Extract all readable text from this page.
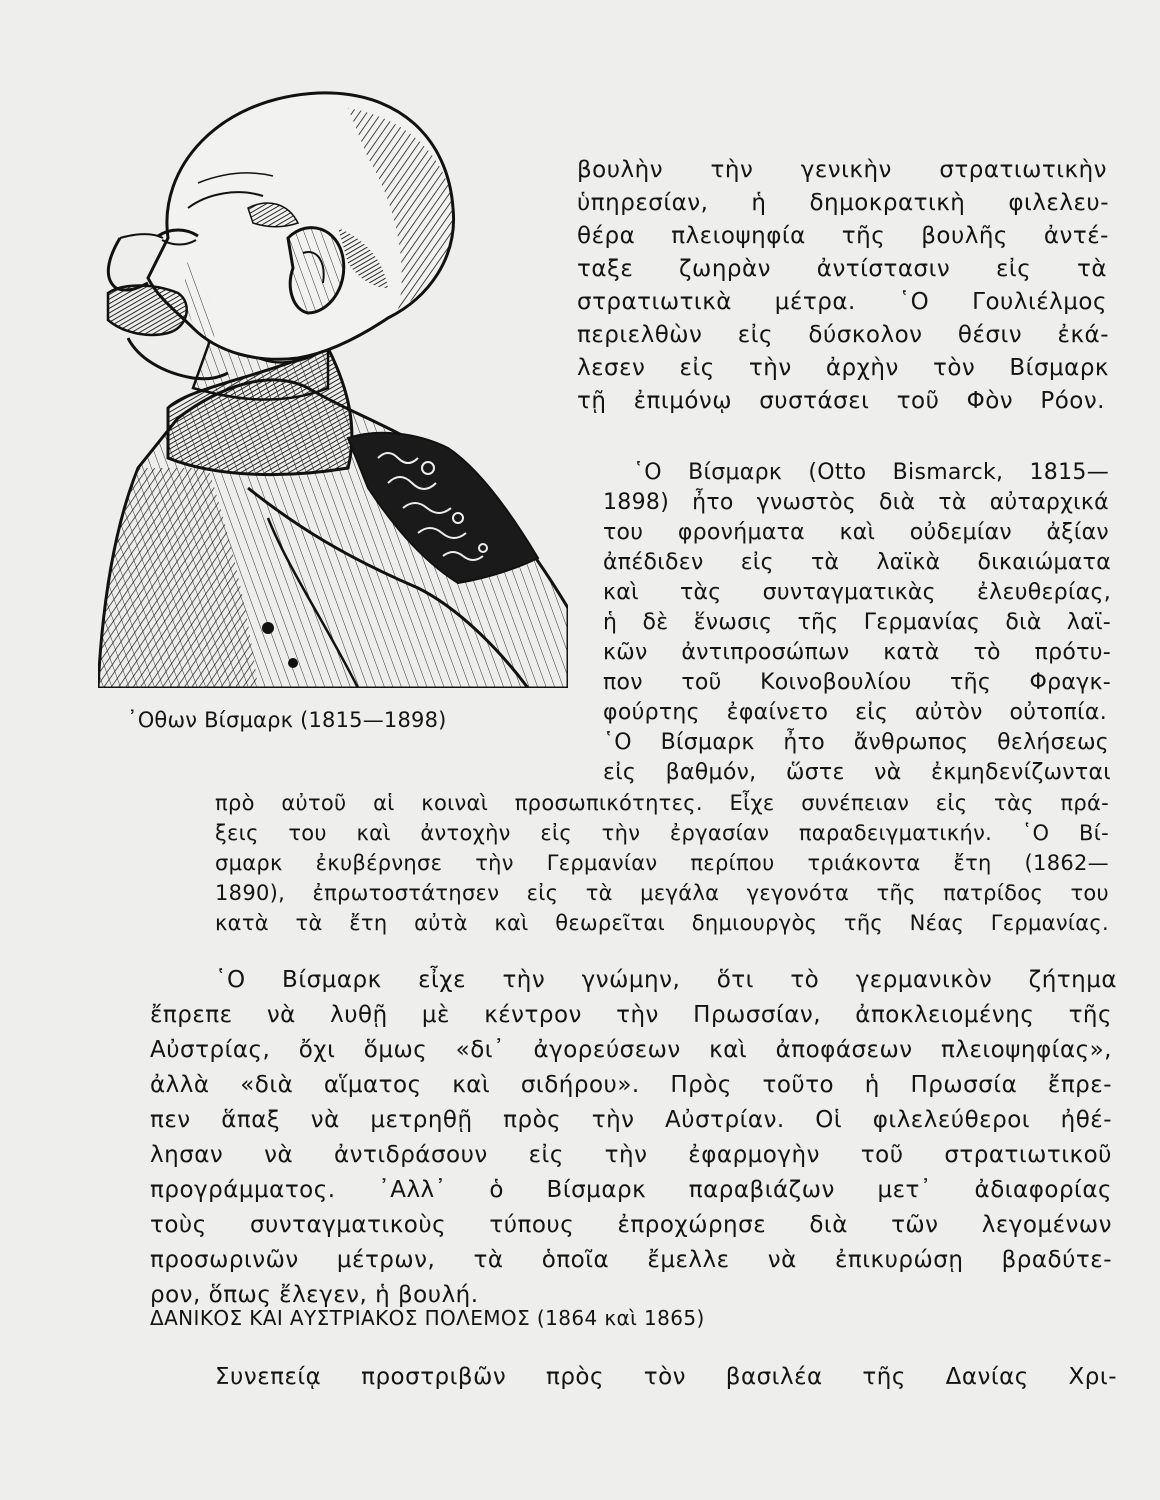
᾿Οθων Βίσμαρκ (1815—1898)
βουλὴν τὴν γενικὴν στρατιωτικὴν
ὑπηρεσίαν, ἡ δημοκρατικὴ φιλελευ-
θέρα πλειοψηφία τῆς βουλῆς ἀντέ-
ταξε ζωηρὰν ἀντίστασιν εἰς τὰ
στρατιωτικὰ μέτρα. ῾Ο Γουλιέλμος
περιελθὼν εἰς δύσκολον θέσιν ἐκά-
λεσεν εἰς τὴν ἀρχὴν τὸν Βίσμαρκ
τῇ ἐπιμόνῳ συστάσει τοῦ Φὸν Ρόον.
῾Ο Βίσμαρκ (Otto Bismarck, 1815—
1898) ἦτο γνωστὸς διὰ τὰ αὐταρχικά
του φρονήματα καὶ οὐδεμίαν ἀξίαν
ἀπέδιδεν εἰς τὰ λαϊκὰ δικαιώματα
καὶ τὰς συνταγματικὰς ἐλευθερίας,
ἡ δὲ ἕνωσις τῆς Γερμανίας διὰ λαϊ-
κῶν ἀντιπροσώπων κατὰ τὸ πρότυ-
πον τοῦ Κοινοβουλίου τῆς Φραγκ-
φούρτης ἐφαίνετο εἰς αὐτὸν οὐτοπία.
῾Ο Βίσμαρκ ἦτο ἄνθρωπος θελήσεως
εἰς βαθμόν, ὥστε νὰ ἐκμηδενίζωνται
πρὸ αὐτοῦ αἱ κοιναὶ προσωπικότητες. Εἶχε συνέπειαν εἰς τὰς πρά-
ξεις του καὶ ἀντοχὴν εἰς τὴν ἐργασίαν παραδειγματικήν. ῾Ο Βί-
σμαρκ ἐκυβέρνησε τὴν Γερμανίαν περίπου τριάκοντα ἔτη (1862—
1890), ἐπρωτοστάτησεν εἰς τὰ μεγάλα γεγονότα τῆς πατρίδος του
κατὰ τὰ ἔτη αὐτὰ καὶ θεωρεῖται δημιουργὸς τῆς Νέας Γερμανίας.
῾Ο Βίσμαρκ εἶχε τὴν γνώμην, ὅτι τὸ γερμανικὸν ζήτημα
ἔπρεπε νὰ λυθῇ μὲ κέντρον τὴν Πρωσσίαν, ἀποκλειομένης τῆς
Αὐστρίας, ὄχι ὅμως «δι᾿ ἀγορεύσεων καὶ ἀποφάσεων πλειοψηφίας»,
ἀλλὰ «διὰ αἵματος καὶ σιδήρου». Πρὸς τοῦτο ἡ Πρωσσία ἔπρε-
πεν ἅπαξ νὰ μετρηθῇ πρὸς τὴν Αὐστρίαν. Οἱ φιλελεύθεροι ἠθέ-
λησαν νὰ ἀντιδράσουν εἰς τὴν ἐφαρμογὴν τοῦ στρατιωτικοῦ
προγράμματος. ᾿Αλλ᾿ ὁ Βίσμαρκ παραβιάζων μετ᾿ ἀδιαφορίας
τοὺς συνταγματικοὺς τύπους ἐπροχώρησε διὰ τῶν λεγομένων
προσωρινῶν μέτρων, τὰ ὁποῖα ἔμελλε νὰ ἐπικυρώσῃ βραδύτε-
ρον, ὅπως ἔλεγεν, ἡ βουλή.
ΔΑΝΙΚΟΣ ΚΑΙ ΑΥΣΤΡΙΑΚΟΣ ΠΟΛΕΜΟΣ (1864 καὶ 1865)
Συνεπείᾳ προστριβῶν πρὸς τὸν βασιλέα τῆς Δανίας Χρι-
